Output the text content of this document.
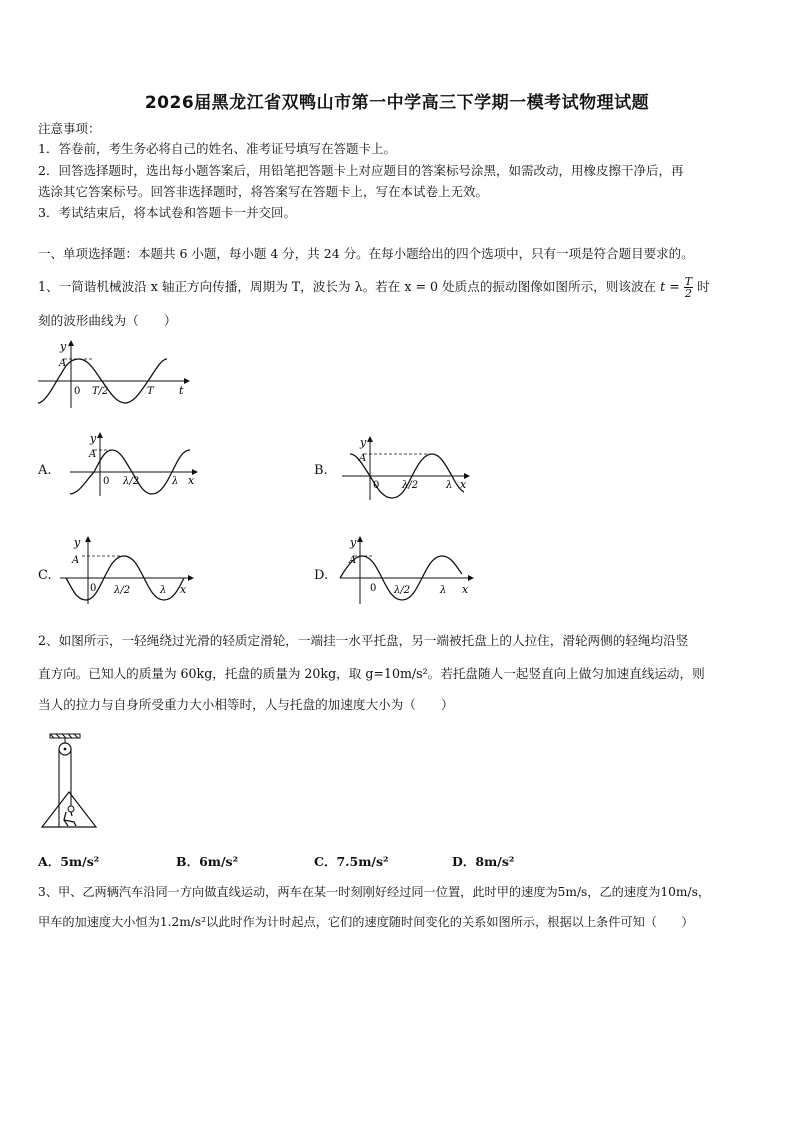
2026届黑龙江省双鸭山市第一中学高三下学期一模考试物理试题
注意事项：
1．答卷前，考生务必将自己的姓名、准考证号填写在答题卡上。
2．回答选择题时，选出每小题答案后，用铅笔把答题卡上对应题目的答案标号涂黑，如需改动，用橡皮擦干净后，再
选涂其它答案标号。回答非选择题时，将答案写在答题卡上，写在本试卷上无效。
3．考试结束后，将本试卷和答题卡一并交回。
一、单项选择题：本题共 6 小题，每小题 4 分，共 24 分。在每小题给出的四个选项中，只有一项是符合题目要求的。
1、一简谐机械波沿 x 轴正方向传播，周期为 T，波长为 λ。若在 x = 0 处质点的振动图像如图所示，则该波在 $t = \frac{T}{2}$ 时
刻的波形曲线为（　　）
y
A
0 T/2	T t
A.
y
A
0 λ/2	λ x
B.
y
A
0 λ/2	λ x
C.
y
A
0 λ/2	λ x
D.
y
A
0 λ/2	λ x
2、如图所示，一轻绳绕过光滑的轻质定滑轮，一端挂一水平托盘，另一端被托盘上的人拉住，滑轮两侧的轻绳均沿竖
直方向。已知人的质量为 60kg，托盘的质量为 20kg，取 g=10m/s²。若托盘随人一起竖直向上做匀加速直线运动，则
当人的拉力与自身所受重力大小相等时，人与托盘的加速度大小为（　　）
A．5m/s²	B．6m/s²	C．7.5m/s²	D．8m/s²
3、甲、乙两辆汽车沿同一方向做直线运动，两车在某一时刻刚好经过同一位置，此时甲的速度为5m/s，乙的速度为10m/s，
甲车的加速度大小恒为1.2m/s²以此时作为计时起点，它们的速度随时间变化的关系如图所示，根据以上条件可知（　　）
